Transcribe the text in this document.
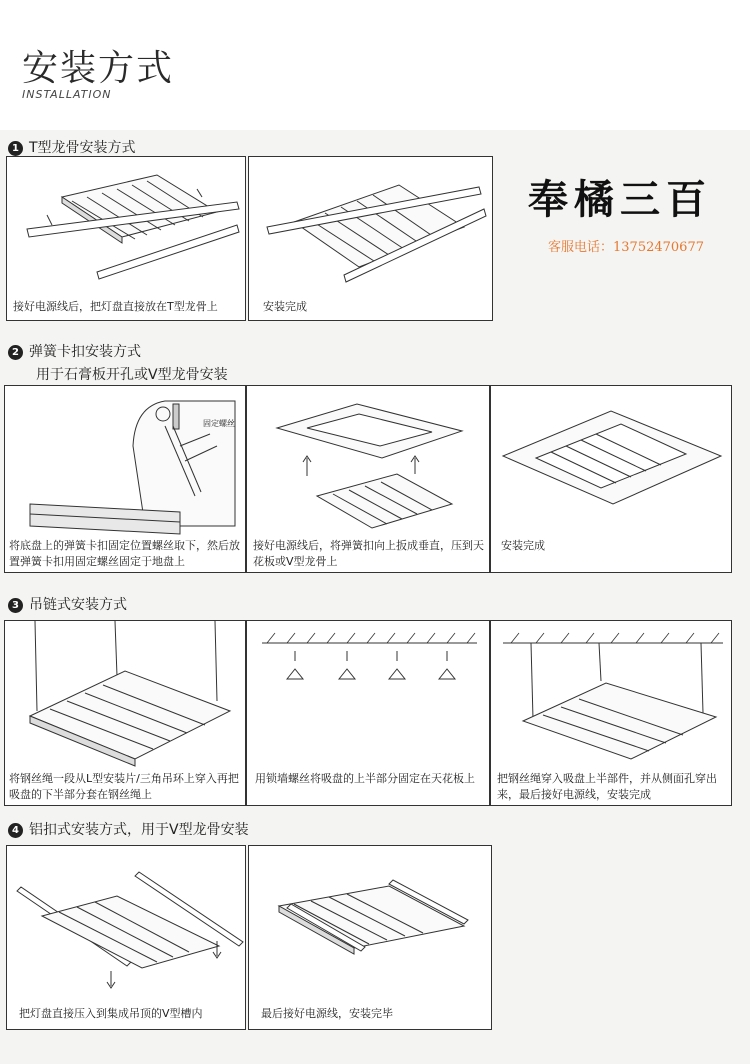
安装方式
INSTALLATION
1 T型龙骨安装方式
接好电源线后，把灯盘直接放在T型龙骨上	安装完成
奉橘三百
客服电话：13752470677
2 弹簧卡扣安装方式
用于石膏板开孔或V型龙骨安装
固定螺丝
将底盘上的弹簧卡扣固定位置螺丝取下，然后放置弹簧卡扣用固定螺丝固定于地盘上
接好电源线后，将弹簧扣向上扳成垂直，压到天花板或V型龙骨上
安装完成
3 吊链式安装方式
将钢丝绳一段从L型安装片/三角吊环上穿入再把吸盘的下半部分套在钢丝绳上
用锁墙螺丝将吸盘的上半部分固定在天花板上	把钢丝绳穿入吸盘上半部件，并从侧面孔穿出来，最后接好电源线，安装完成
4 铝扣式安装方式，用于V型龙骨安装
把灯盘直接压入到集成吊顶的V型槽内	最后接好电源线，安装完毕
